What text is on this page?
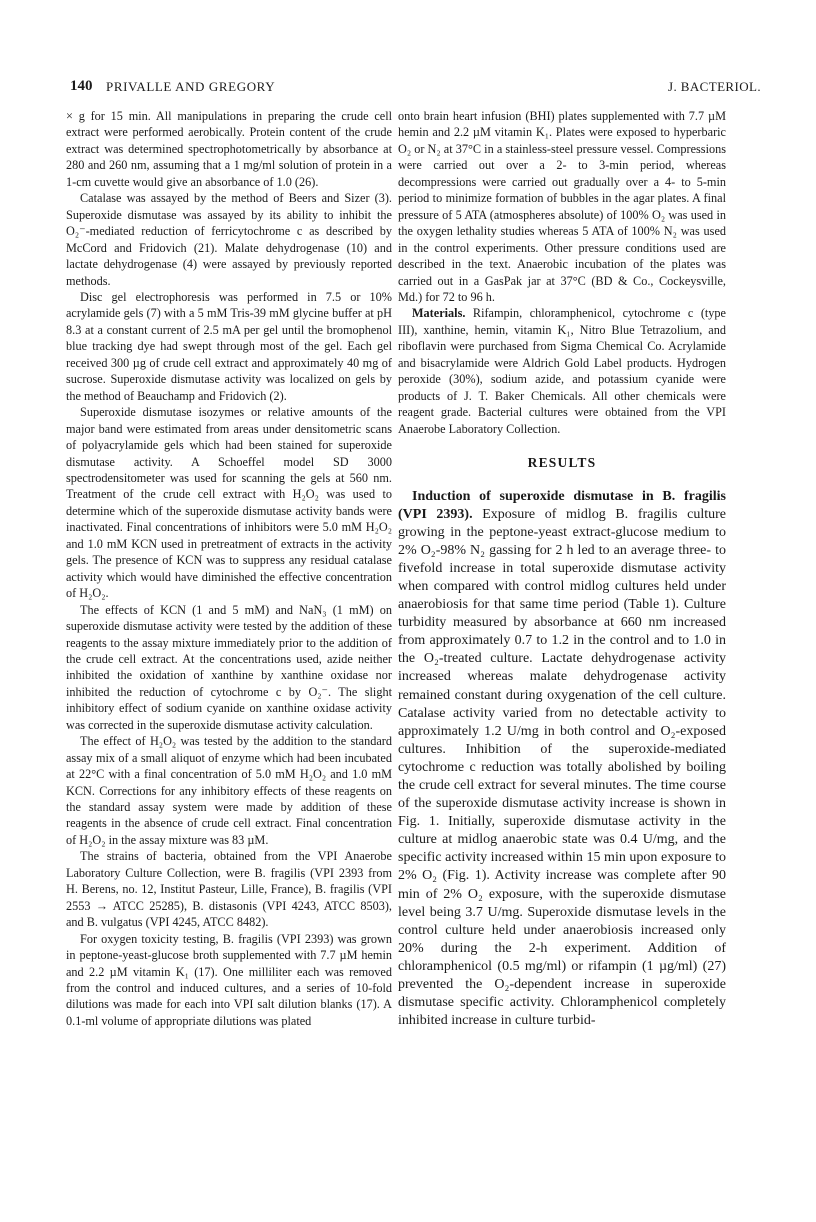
140 PRIVALLE AND GREGORY	J. BACTERIOL.

× g for 15 min. All manipulations in preparing the crude cell extract were performed aerobically. Protein content of the crude extract was determined spectrophotometrically by absorbance at 280 and 260 nm, assuming that a 1 mg/ml solution of protein in a 1-cm cuvette would give an absorbance of 1.0 (26).

Catalase was assayed by the method of Beers and Sizer (3). Superoxide dismutase was assayed by its ability to inhibit the O₂⁻-mediated reduction of ferricytochrome c as described by McCord and Fridovich (21). Malate dehydrogenase (10) and lactate dehydrogenase (4) were assayed by previously reported methods.

Disc gel electrophoresis was performed in 7.5 or 10% acrylamide gels (7) with a 5 mM Tris-39 mM glycine buffer at pH 8.3 at a constant current of 2.5 mA per gel until the bromophenol blue tracking dye had swept through most of the gel. Each gel received 300 µg of crude cell extract and approximately 40 mg of sucrose. Superoxide dismutase activity was localized on gels by the method of Beauchamp and Fridovich (2).

Superoxide dismutase isozymes or relative amounts of the major band were estimated from areas under densitometric scans of polyacrylamide gels which had been stained for superoxide dismutase activity. A Schoeffel model SD 3000 spectrodensitometer was used for scanning the gels at 560 nm. Treatment of the crude cell extract with H₂O₂ was used to determine which of the superoxide dismutase activity bands were inactivated. Final concentrations of inhibitors were 5.0 mM H₂O₂ and 1.0 mM KCN used in pretreatment of extracts in the activity gels. The presence of KCN was to suppress any residual catalase activity which would have diminished the effective concentration of H₂O₂.

The effects of KCN (1 and 5 mM) and NaN₃ (1 mM) on superoxide dismutase activity were tested by the addition of these reagents to the assay mixture immediately prior to the addition of the crude cell extract. At the concentrations used, azide neither inhibited the oxidation of xanthine by xanthine oxidase nor inhibited the reduction of cytochrome c by O₂⁻. The slight inhibitory effect of sodium cyanide on xanthine oxidase activity was corrected in the superoxide dismutase activity calculation.

The effect of H₂O₂ was tested by the addition to the standard assay mix of a small aliquot of enzyme which had been incubated at 22°C with a final concentration of 5.0 mM H₂O₂ and 1.0 mM KCN. Corrections for any inhibitory effects of these reagents on the standard assay system were made by addition of these reagents in the absence of crude cell extract. Final concentration of H₂O₂ in the assay mixture was 83 µM.

The strains of bacteria, obtained from the VPI Anaerobe Laboratory Culture Collection, were B. fragilis (VPI 2393 from H. Berens, no. 12, Institut Pasteur, Lille, France), B. fragilis (VPI 2553 → ATCC 25285), B. distasonis (VPI 4243, ATCC 8503), and B. vulgatus (VPI 4245, ATCC 8482).

For oxygen toxicity testing, B. fragilis (VPI 2393) was grown in peptone-yeast-glucose broth supplemented with 7.7 µM hemin and 2.2 µM vitamin K₁ (17). One milliliter each was removed from the control and induced cultures, and a series of 10-fold dilutions was made for each into VPI salt dilution blanks (17). A 0.1-ml volume of appropriate dilutions was plated

onto brain heart infusion (BHI) plates supplemented with 7.7 µM hemin and 2.2 µM vitamin K₁. Plates were exposed to hyperbaric O₂ or N₂ at 37°C in a stainless-steel pressure vessel. Compressions were carried out over a 2- to 3-min period, whereas decompressions were carried out gradually over a 4- to 5-min period to minimize formation of bubbles in the agar plates. A final pressure of 5 ATA (atmospheres absolute) of 100% O₂ was used in the oxygen lethality studies whereas 5 ATA of 100% N₂ was used in the control experiments. Other pressure conditions used are described in the text. Anaerobic incubation of the plates was carried out in a GasPak jar at 37°C (BD & Co., Cockeysville, Md.) for 72 to 96 h.

Materials. Rifampin, chloramphenicol, cytochrome c (type III), xanthine, hemin, vitamin K₁, Nitro Blue Tetrazolium, and riboflavin were purchased from Sigma Chemical Co. Acrylamide and bisacrylamide were Aldrich Gold Label products. Hydrogen peroxide (30%), sodium azide, and potassium cyanide were products of J. T. Baker Chemicals. All other chemicals were reagent grade. Bacterial cultures were obtained from the VPI Anaerobe Laboratory Collection.

RESULTS

Induction of superoxide dismutase in B. fragilis (VPI 2393). Exposure of midlog B. fragilis culture growing in the peptone-yeast extract-glucose medium to 2% O₂-98% N₂ gassing for 2 h led to an average three- to fivefold increase in total superoxide dismutase activity when compared with control midlog cultures held under anaerobiosis for that same time period (Table 1). Culture turbidity measured by absorbance at 660 nm increased from approximately 0.7 to 1.2 in the control and to 1.0 in the O₂-treated culture. Lactate dehydrogenase activity increased whereas malate dehydrogenase activity remained constant during oxygenation of the cell culture. Catalase activity varied from no detectable activity to approximately 1.2 U/mg in both control and O₂-exposed cultures. Inhibition of the superoxide-mediated cytochrome c reduction was totally abolished by boiling the crude cell extract for several minutes. The time course of the superoxide dismutase activity increase is shown in Fig. 1. Initially, superoxide dismutase activity in the culture at midlog anaerobic state was 0.4 U/mg, and the specific activity increased within 15 min upon exposure to 2% O₂ (Fig. 1). Activity increase was complete after 90 min of 2% O₂ exposure, with the superoxide dismutase level being 3.7 U/mg. Superoxide dismutase levels in the control culture held under anaerobiosis increased only 20% during the 2-h experiment. Addition of chloramphenicol (0.5 mg/ml) or rifampin (1 µg/ml) (27) prevented the O₂-dependent increase in superoxide dismutase specific activity. Chloramphenicol completely inhibited increase in culture turbid-
